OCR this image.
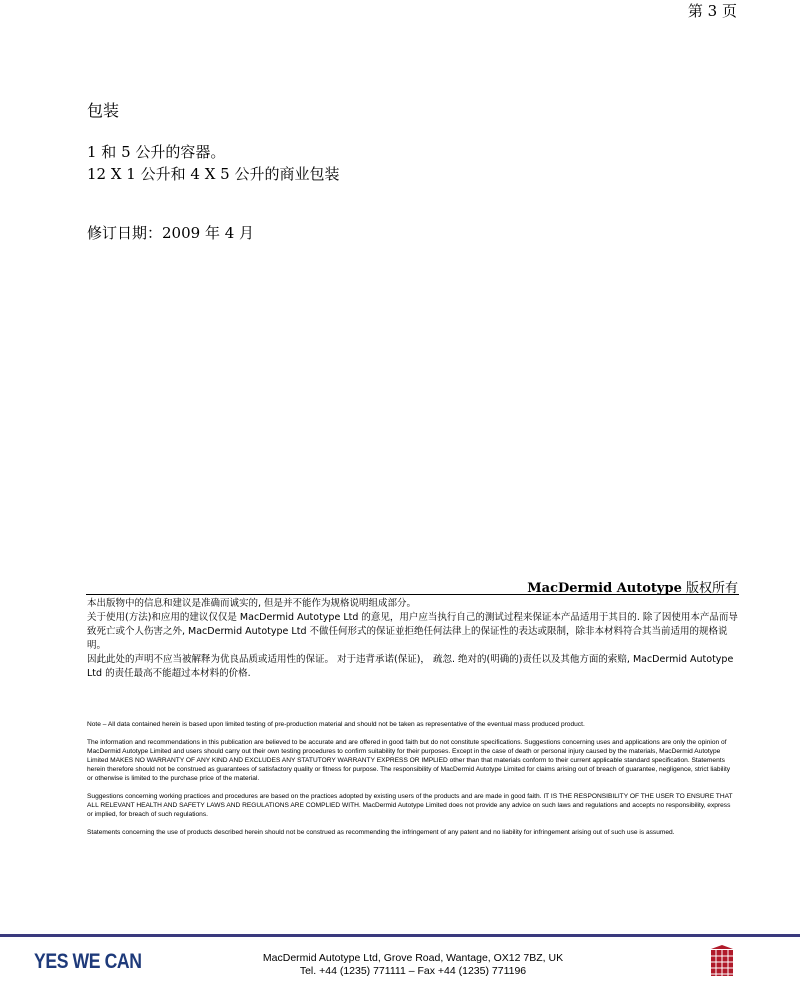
第 3 页
包装
1 和 5 公升的容器。
12 X 1 公升和 4 X 5 公升的商业包装
修订日期：2009 年 4 月
MacDermid Autotype 版权所有

本出版物中的信息和建议是准确而诚实的, 但是并不能作为规格说明组成部分。

关于使用(方法)和应用的建议仅仅是 MacDermid Autotype Ltd 的意见，用户应当执行自己的测试过程来保证本产品适用于其目的. 除了因使用本产品而导致死亡或个人伤害之外, MacDermid Autotype Ltd 不做任何形式的保证並拒绝任何法律上的保证性的表达或限制，除非本材料符合其当前适用的规格说明。

因此此处的声明不应当被解释为优良品质或适用性的保证。 对于违背承诺(保证)， 疏忽. 绝对的(明确的)责任以及其他方面的索赔, MacDermid Autotype Ltd 的责任最高不能超过本材料的价格.

Note – All data contained herein is based upon limited testing of pre-production material and should not be taken as representative of the eventual mass produced product.

The information and recommendations in this publication are believed to be accurate and are offered in good faith but do not constitute specifications. Suggestions concerning uses and applications are only the opinion of MacDermid Autotype Limited and users should carry out their own testing procedures to confirm suitability for their purposes. Except in the case of death or personal injury caused by the materials, MacDermid Autotype Limited MAKES NO WARRANTY OF ANY KIND AND EXCLUDES ANY STATUTORY WARRANTY EXPRESS OR IMPLIED other than that materials conform to their current applicable standard specification. Statements herein therefore should not be construed as guarantees of satisfactory quality or fitness for purpose. The responsibility of MacDermid Autotype Limited for claims arising out of breach of guarantee, negligence, strict liability or otherwise is limited to the purchase price of the material.

Suggestions concerning working practices and procedures are based on the practices adopted by existing users of the products and are made in good faith. IT IS THE RESPONSIBILITY OF THE USER TO ENSURE THAT ALL RELEVANT HEALTH AND SAFETY LAWS AND REGULATIONS ARE COMPLIED WITH. MacDermid Autotype Limited does not provide any advice on such laws and regulations and accepts no responsibility, express or implied, for breach of such regulations.

Statements concerning the use of products described herein should not be construed as recommending the infringement of any patent and no liability for infringement arising out of such use is assumed.

YES WE CAN	MacDermid Autotype Ltd, Grove Road, Wantage, OX12 7BZ, UK
Tel. +44 (1235) 771111 – Fax +44 (1235) 771196
